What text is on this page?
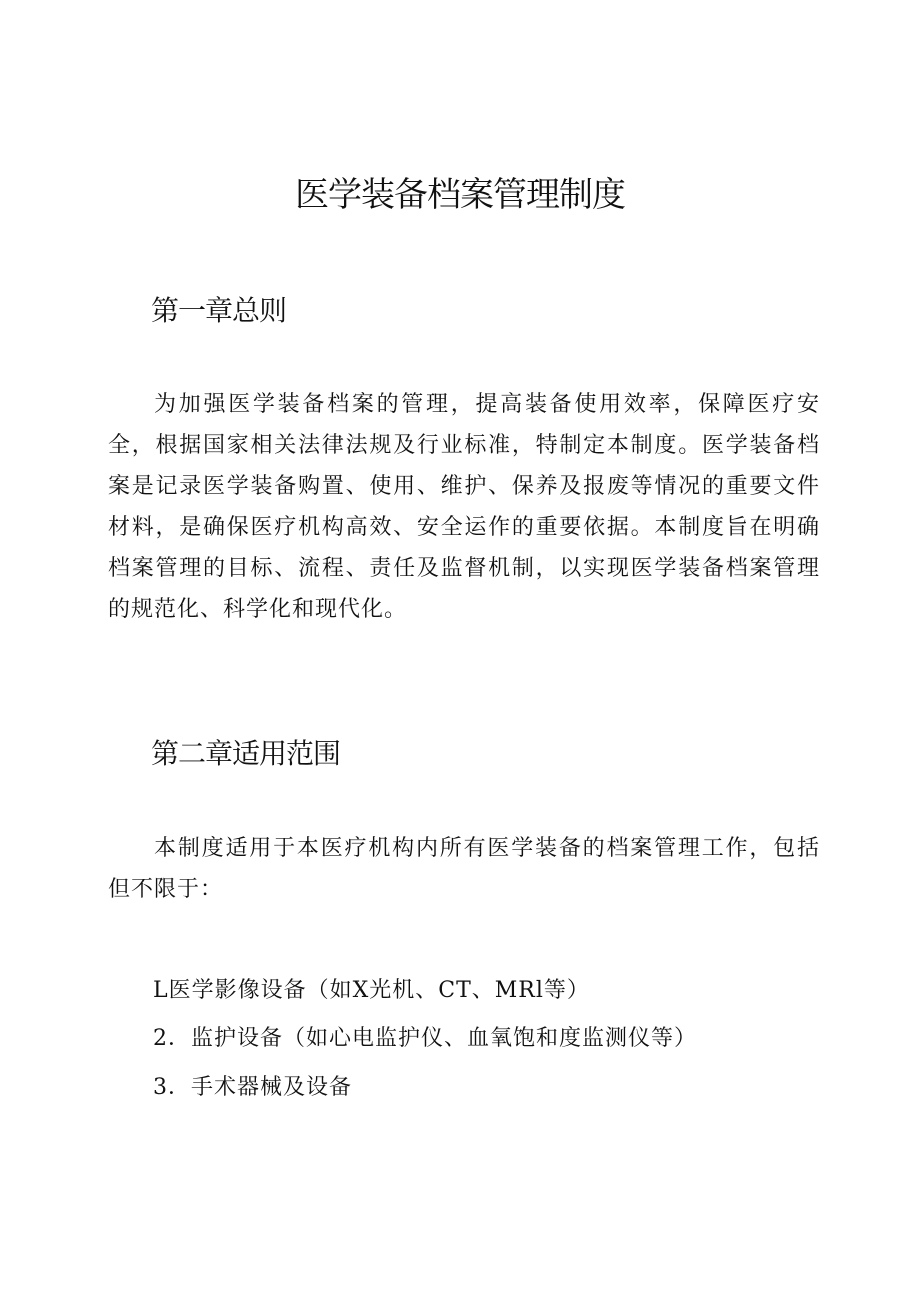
医学装备档案管理制度
第一章总则

为加强医学装备档案的管理，提高装备使用效率，保障医疗安全，根据国家相关法律法规及行业标准，特制定本制度。医学装备档案是记录医学装备购置、使用、维护、保养及报废等情况的重要文件材料，是确保医疗机构高效、安全运作的重要依据。本制度旨在明确档案管理的目标、流程、责任及监督机制，以实现医学装备档案管理的规范化、科学化和现代化。

第二章适用范围

本制度适用于本医疗机构内所有医学装备的档案管理工作，包括但不限于：

L医学影像设备（如X光机、CT、MRl等）

2．监护设备（如心电监护仪、血氧饱和度监测仪等）

3．手术器械及设备
